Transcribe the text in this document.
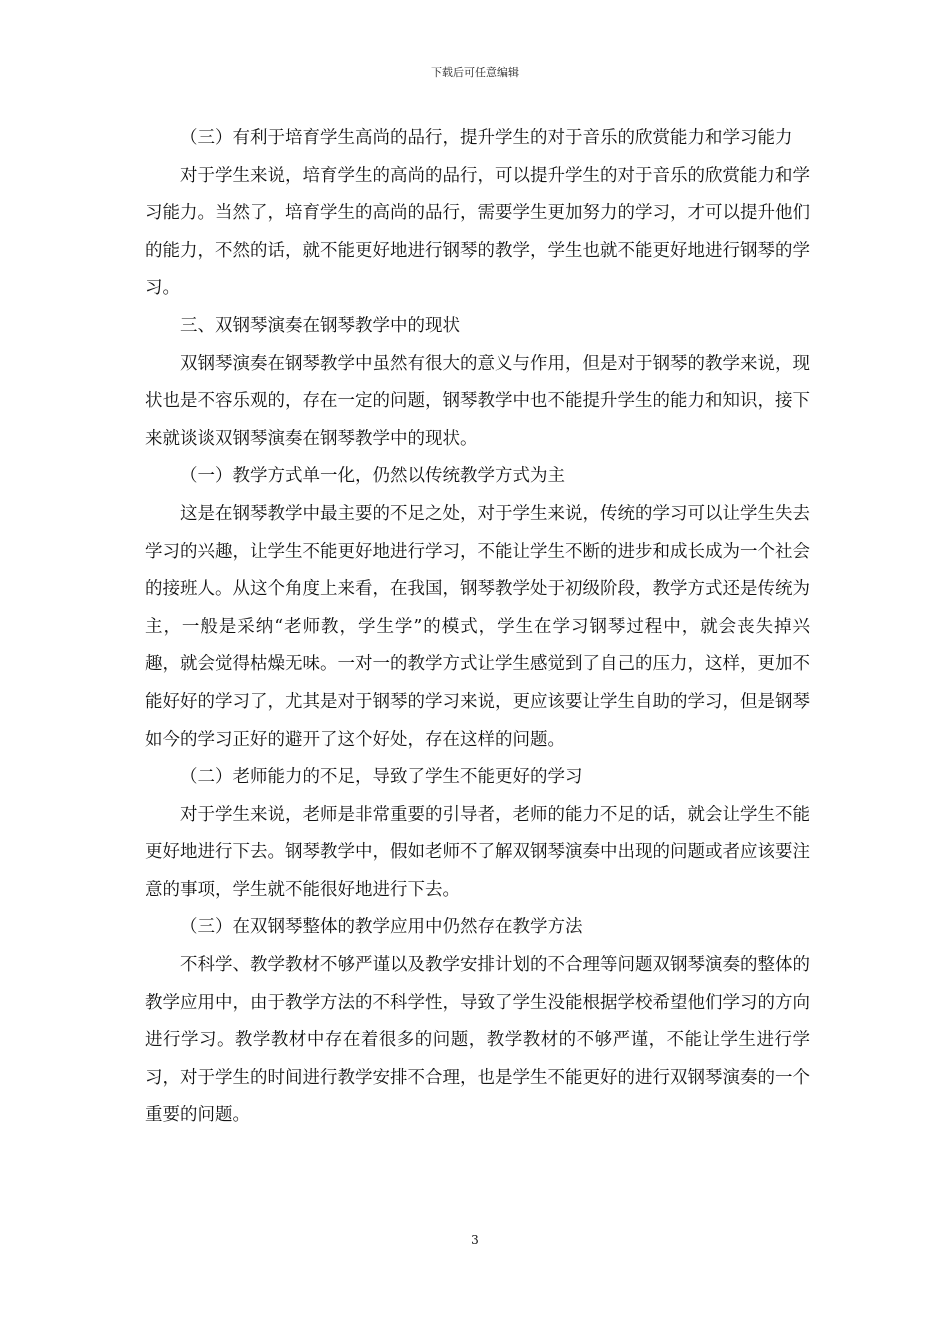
下载后可任意编辑

（三）有利于培育学生高尚的品行，提升学生的对于音乐的欣赏能力和学习能力

对于学生来说，培育学生的高尚的品行，可以提升学生的对于音乐的欣赏能力和学习能力。当然了，培育学生的高尚的品行，需要学生更加努力的学习，才可以提升他们的能力，不然的话，就不能更好地进行钢琴的教学，学生也就不能更好地进行钢琴的学习。

三、双钢琴演奏在钢琴教学中的现状

双钢琴演奏在钢琴教学中虽然有很大的意义与作用，但是对于钢琴的教学来说，现状也是不容乐观的，存在一定的问题，钢琴教学中也不能提升学生的能力和知识，接下来就谈谈双钢琴演奏在钢琴教学中的现状。

（一）教学方式单一化，仍然以传统教学方式为主

这是在钢琴教学中最主要的不足之处，对于学生来说，传统的学习可以让学生失去学习的兴趣，让学生不能更好地进行学习，不能让学生不断的进步和成长成为一个社会的接班人。从这个角度上来看，在我国，钢琴教学处于初级阶段，教学方式还是传统为主，一般是采纳“老师教，学生学”的模式，学生在学习钢琴过程中，就会丧失掉兴趣，就会觉得枯燥无味。一对一的教学方式让学生感觉到了自己的压力，这样，更加不能好好的学习了，尤其是对于钢琴的学习来说，更应该要让学生自助的学习，但是钢琴如今的学习正好的避开了这个好处，存在这样的问题。

（二）老师能力的不足，导致了学生不能更好的学习

对于学生来说，老师是非常重要的引导者，老师的能力不足的话，就会让学生不能更好地进行下去。钢琴教学中，假如老师不了解双钢琴演奏中出现的问题或者应该要注意的事项，学生就不能很好地进行下去。

（三）在双钢琴整体的教学应用中仍然存在教学方法

不科学、教学教材不够严谨以及教学安排计划的不合理等问题双钢琴演奏的整体的教学应用中，由于教学方法的不科学性，导致了学生没能根据学校希望他们学习的方向进行学习。教学教材中存在着很多的问题，教学教材的不够严谨，不能让学生进行学习，对于学生的时间进行教学安排不合理，也是学生不能更好的进行双钢琴演奏的一个重要的问题。

3
